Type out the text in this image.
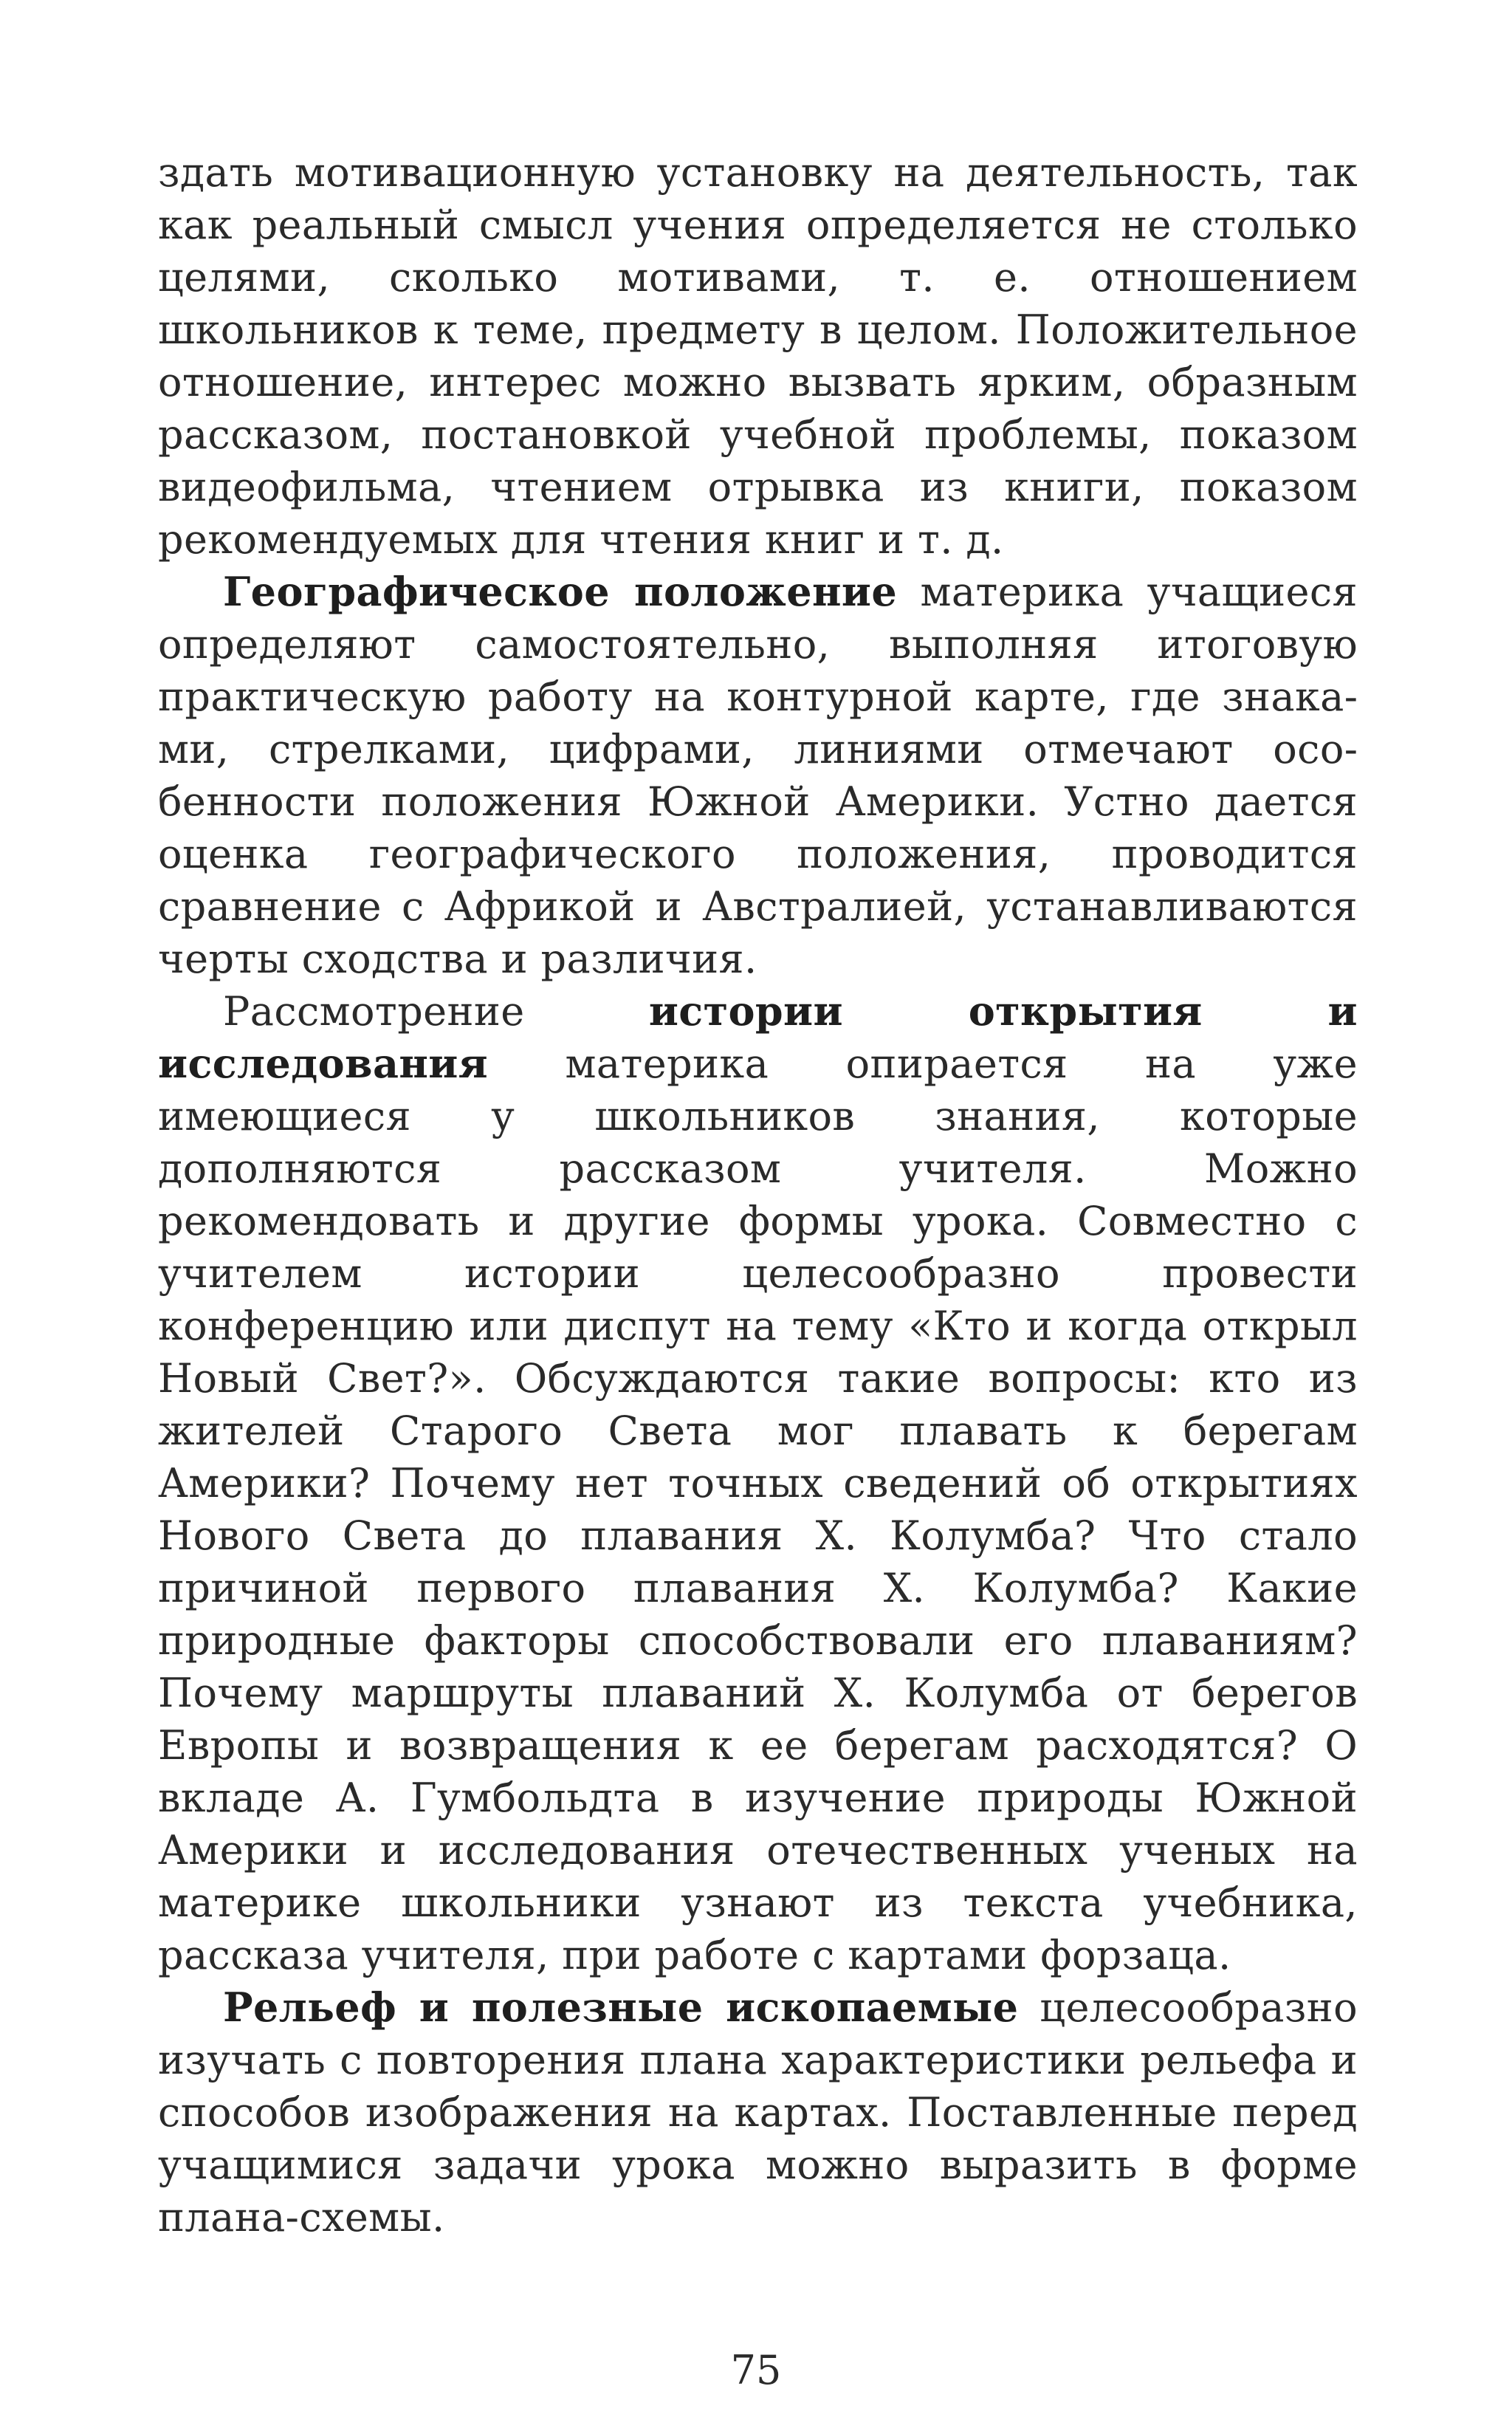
здать мотивационную установку на деятельность, так как реальный смысл учения определяется не столько целями, сколько мотивами, т. е. отношением школьников к теме, предмету в целом. Положительное отношение, интерес можно вызвать ярким, образным рассказом, постановкой учебной проблемы, показом видеофильма, чтением отрывка из книги, показом рекомендуемых для чтения книг и т. д.

Географическое положение материка учащиеся определяют самостоятельно, выполняя итоговую практическую работу на контурной карте, где знаками, стрелками, цифрами, линиями отмечают особенности положения Южной Америки. Устно дается оценка географического положения, проводится сравнение с Африкой и Австралией, устанавливаются черты сходства и различия.

Рассмотрение истории открытия и исследования материка опирается на уже имеющиеся у школьников знания, которые дополняются рассказом учителя. Можно рекомендовать и другие формы урока. Совместно с учителем истории целесообразно провести конференцию или диспут на тему «Кто и когда открыл Новый Свет?». Обсуждаются такие вопросы: кто из жителей Старого Света мог плавать к берегам Америки? Почему нет точных сведений об открытиях Нового Света до плавания Х. Колумба? Что стало причиной первого плавания Х. Колумба? Какие природные факторы способствовали его плаваниям? Почему маршруты плаваний Х. Колумба от берегов Европы и возвращения к ее берегам расходятся? О вкладе А. Гумбольдта в изучение природы Южной Америки и исследования отечественных ученых на материке школьники узнают из текста учебника, рассказа учителя, при работе с картами форзаца.

Рельеф и полезные ископаемые целесообразно изучать с повторения плана характеристики рельефа и способов изображения на картах. Поставленные перед учащимися задачи урока можно выразить в форме плана-схемы.

75
